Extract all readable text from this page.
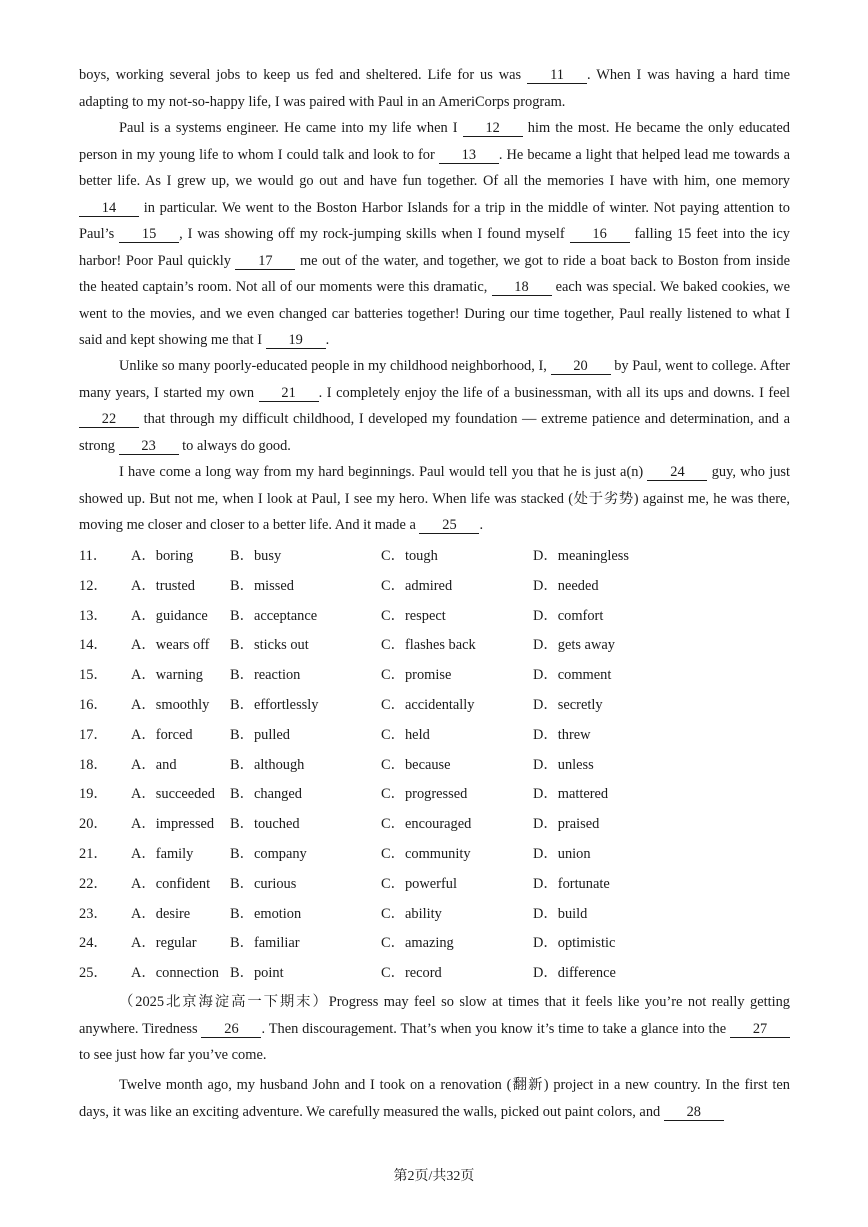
boys, working several jobs to keep us fed and sheltered. Life for us was 11 . When I was having a hard time adapting to my not-so-happy life, I was paired with Paul in an AmeriCorps program.
Paul is a systems engineer. He came into my life when I 12 him the most. He became the only educated person in my young life to whom I could talk and look to for 13 . He became a light that helped lead me towards a better life. As I grew up, we would go out and have fun together. Of all the memories I have with him, one memory 14 in particular. We went to the Boston Harbor Islands for a trip in the middle of winter. Not paying attention to Paul’s 15 , I was showing off my rock-jumping skills when I found myself 16 falling 15 feet into the icy harbor! Poor Paul quickly 17 me out of the water, and together, we got to ride a boat back to Boston from inside the heated captain’s room. Not all of our moments were this dramatic, 18 each was special. We baked cookies, we went to the movies, and we even changed car batteries together! During our time together, Paul really listened to what I said and kept showing me that I 19 .
Unlike so many poorly-educated people in my childhood neighborhood, I, 20 by Paul, went to college. After many years, I started my own 21 . I completely enjoy the life of a businessman, with all its ups and downs. I feel 22 that through my difficult childhood, I developed my foundation — extreme patience and determination, and a strong 23 to always do good.
I have come a long way from my hard beginnings. Paul would tell you that he is just a(n) 24 guy, who just showed up. But not me, when I look at Paul, I see my hero. When life was stacked (处于劣势) against me, he was there, moving me closer and closer to a better life. And it made a 25 .
11．	A．boring	B．busy	C．tough	D．meaningless
12．	A．trusted B．missed	C．admired	D．needed
13．	A．guidance B．acceptance	C．respect	D．comfort
14．	A．wears off B．sticks out	C．flashes back	D．gets away
15．	A．warning B．reaction	C．promise	D．comment
16．	A．smoothly B．effortlessly	C．accidentally	D．secretly
17．	A．forced	B．pulled	C．held	D．threw
18．	A．and	B．although	C．because	D．unless
19．	A．succeeded B．changed	C．progressed	D．mattered
20．	A．impressed B．touched	C．encouraged	D．praised
21．	A．family	B．company	C．community	D．union
22．	A．confident B．curious	C．powerful	D．fortunate
23．	A．desire	B．emotion	C．ability	D．build
24．	A．regular B．familiar	C．amazing	D．optimistic
25．	A．connection B．point	C．record	D．difference
（2025北京海淀高一下期末）Progress may feel so slow at times that it feels like you’re not really getting anywhere. Tiredness 26 . Then discouragement. That’s when you know it’s time to take a glance into the 27 to see just how far you’ve come.
Twelve month ago, my husband John and I took on a renovation (翻新) project in a new country. In the first ten days, it was like an exciting adventure. We carefully measured the walls, picked out paint colors, and 28
第2页/共32页
